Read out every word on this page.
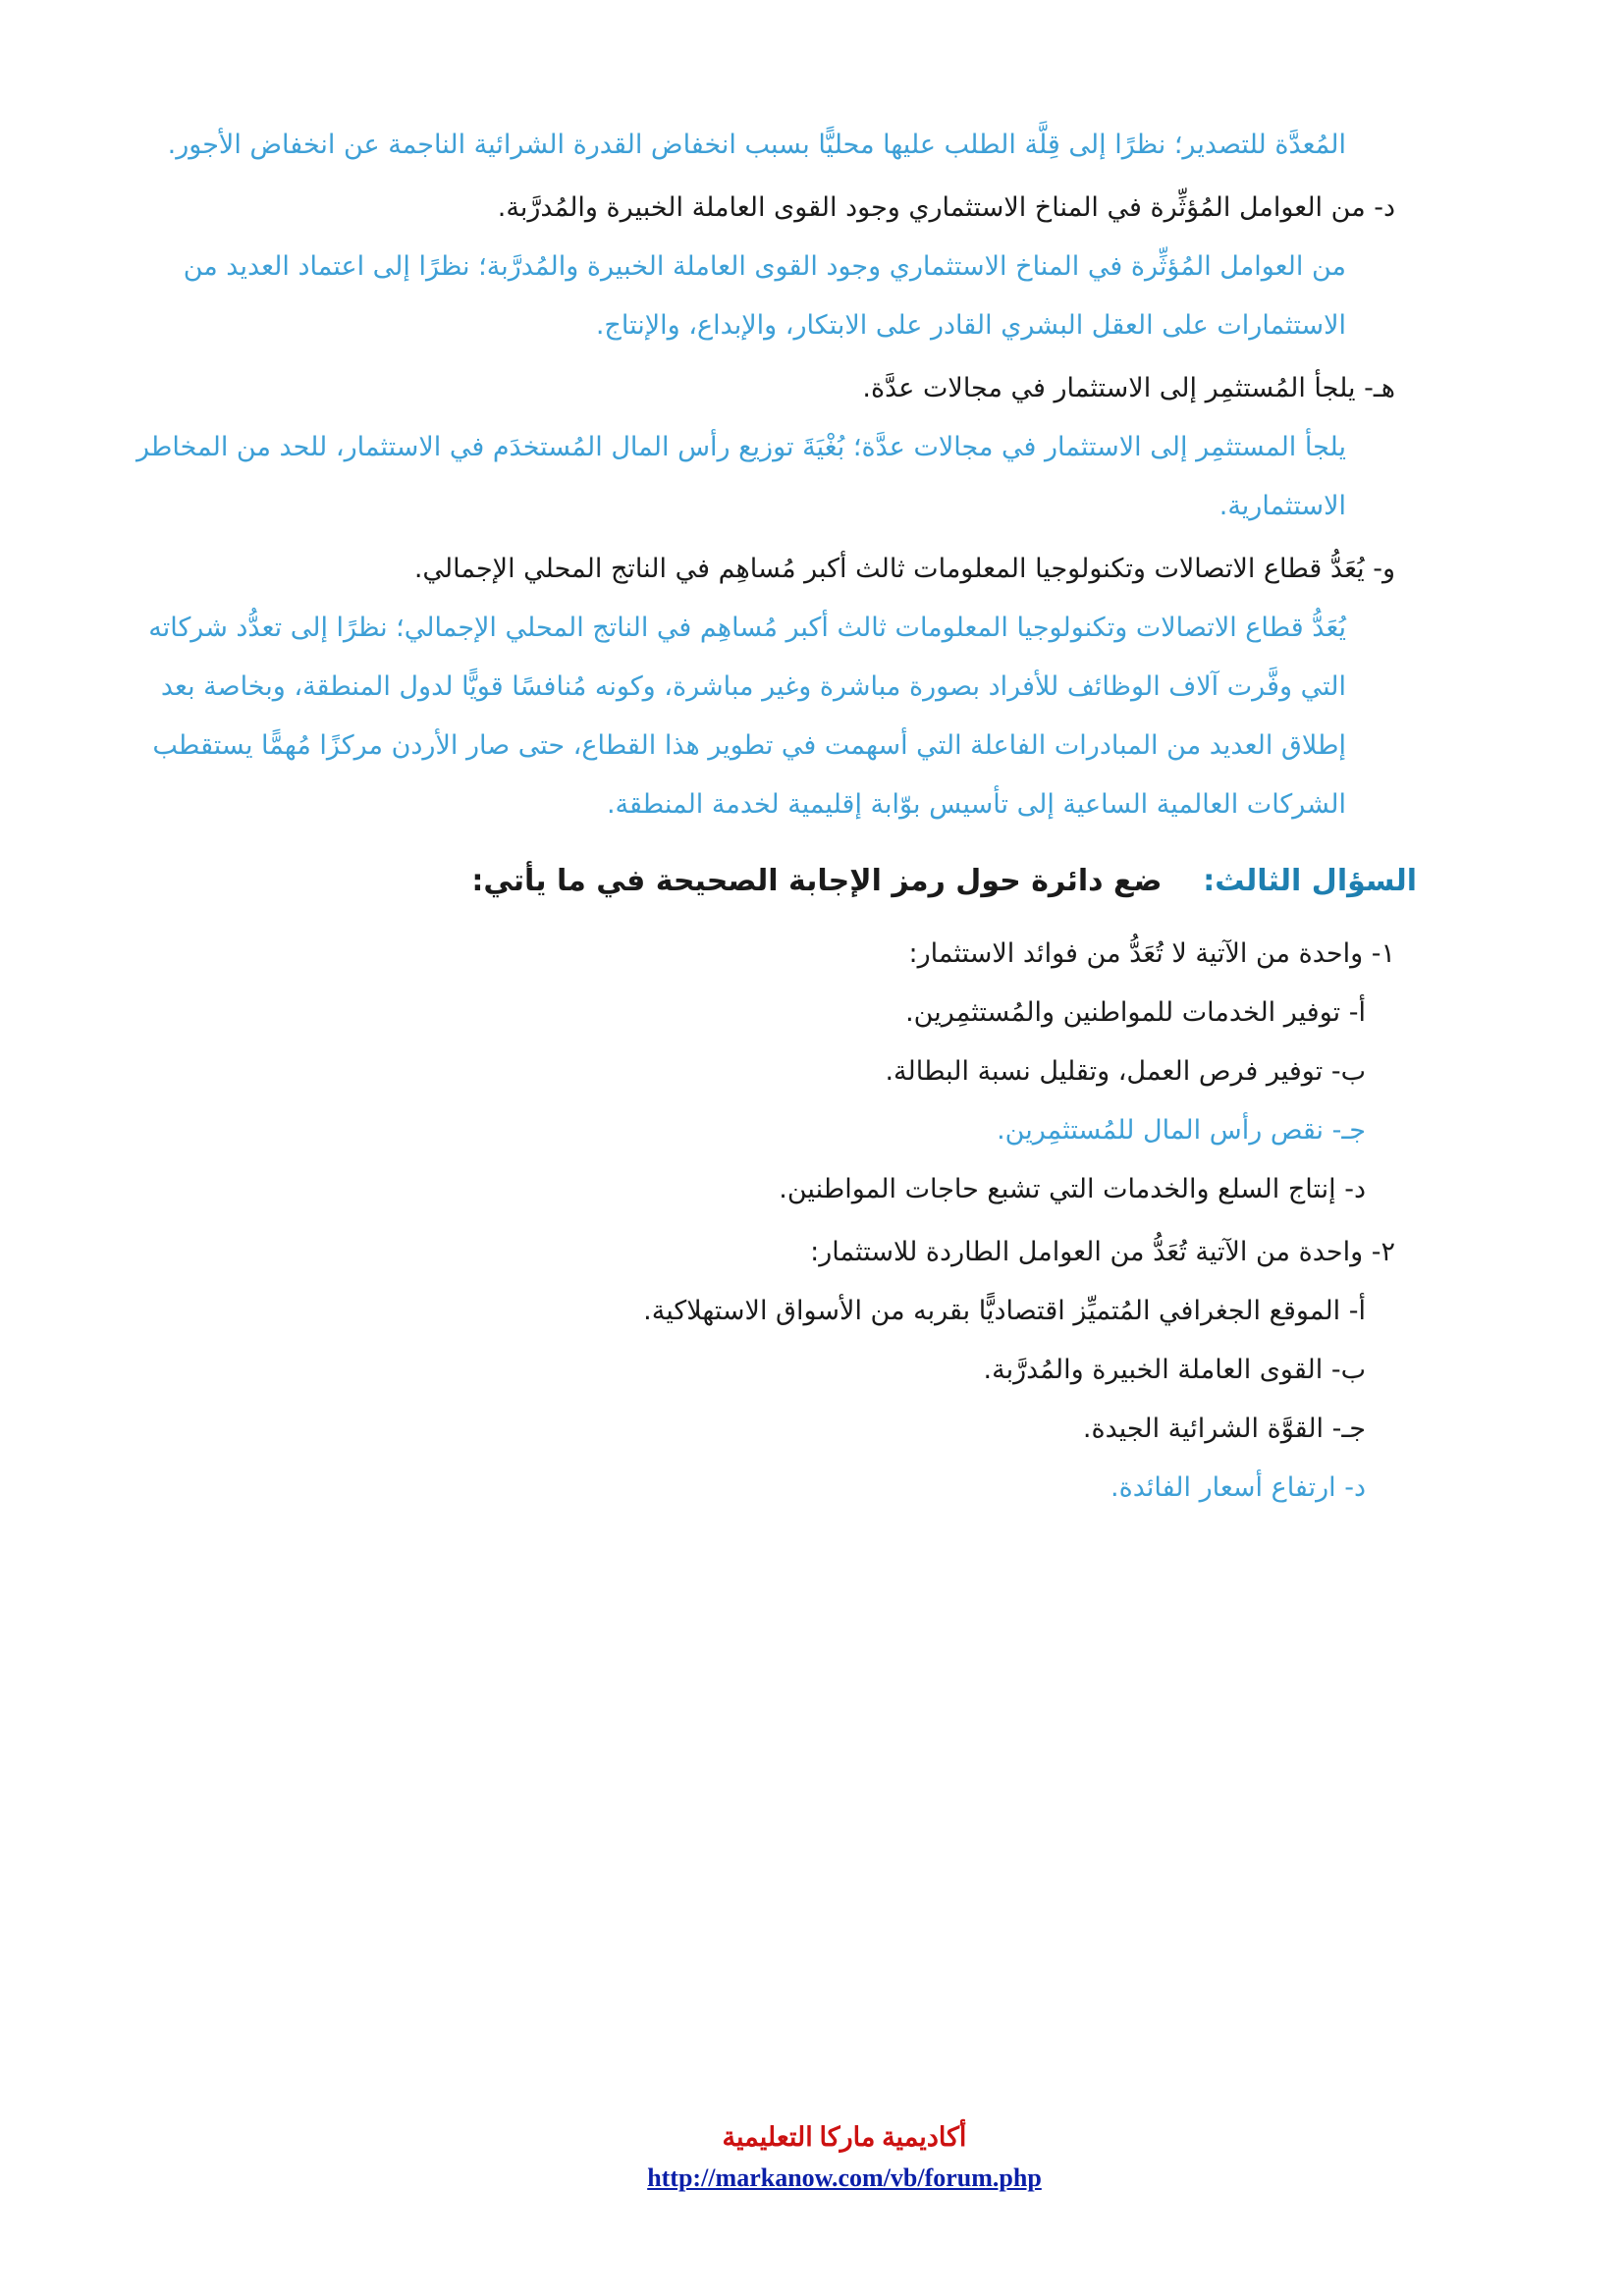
المُعدَّة للتصدير؛ نظرًا إلى قِلَّة الطلب عليها محليًّا بسبب انخفاض القدرة الشرائية الناجمة عن انخفاض الأجور.

د- من العوامل المُؤثِّرة في المناخ الاستثماري وجود القوى العاملة الخبيرة والمُدرَّبة.

من العوامل المُؤثِّرة في المناخ الاستثماري وجود القوى العاملة الخبيرة والمُدرَّبة؛ نظرًا إلى اعتماد العديد من الاستثمارات على العقل البشري القادر على الابتكار، والإبداع، والإنتاج.

هـ- يلجأ المُستثمِر إلى الاستثمار في مجالات عدَّة.

يلجأ المستثمِر إلى الاستثمار في مجالات عدَّة؛ بُغْيَةَ توزيع رأس المال المُستخدَم في الاستثمار، للحد من المخاطر الاستثمارية.

و- يُعَدُّ قطاع الاتصالات وتكنولوجيا المعلومات ثالث أكبر مُساهِم في الناتج المحلي الإجمالي.

يُعَدُّ قطاع الاتصالات وتكنولوجيا المعلومات ثالث أكبر مُساهِم في الناتج المحلي الإجمالي؛ نظرًا إلى تعدُّد شركاته التي وفَّرت آلاف الوظائف للأفراد بصورة مباشرة وغير مباشرة، وكونه مُنافسًا قويًّا لدول المنطقة، وبخاصة بعد إطلاق العديد من المبادرات الفاعلة التي أسهمت في تطوير هذا القطاع، حتى صار الأردن مركزًا مُهمًّا يستقطب الشركات العالمية الساعية إلى تأسيس بوّابة إقليمية لخدمة المنطقة.

السؤال الثالث:    ضع دائرة حول رمز الإجابة الصحيحة في ما يأتي:

١- واحدة من الآتية لا تُعَدُّ من فوائد الاستثمار:

أ- توفير الخدمات للمواطنين والمُستثمِرين.

ب- توفير فرص العمل، وتقليل نسبة البطالة.

جـ- نقص رأس المال للمُستثمِرين.

د- إنتاج السلع والخدمات التي تشبع حاجات المواطنين.

٢- واحدة من الآتية تُعَدُّ من العوامل الطاردة للاستثمار:

أ- الموقع الجغرافي المُتميِّز اقتصاديًّا بقربه من الأسواق الاستهلاكية.

ب- القوى العاملة الخبيرة والمُدرَّبة.

جـ- القوَّة الشرائية الجيدة.

د- ارتفاع أسعار الفائدة.

أكاديمية ماركا التعليمية
http://markanow.com/vb/forum.php
